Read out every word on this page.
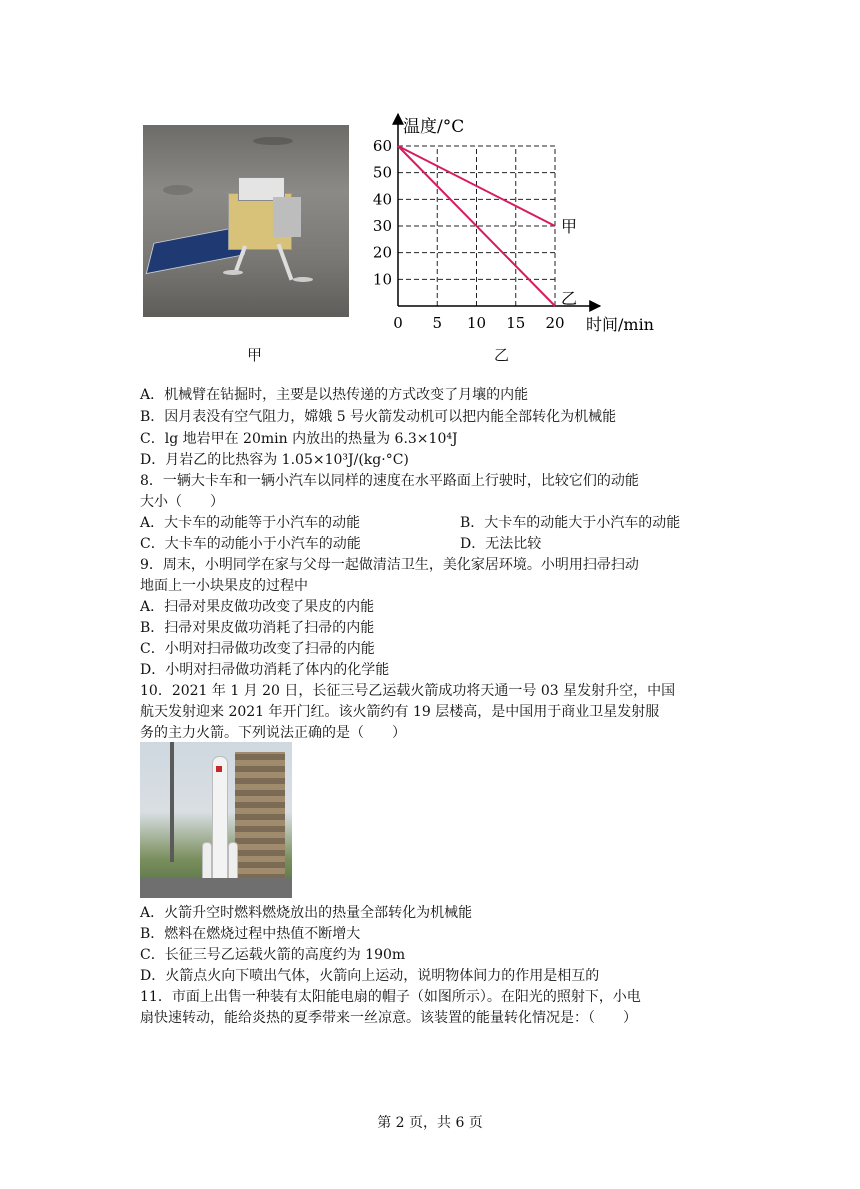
甲
温度/°C
时间/min
10
20
30
40
50
60
0 5 10 15 20
甲
乙
乙
A．机械臂在钻掘时，主要是以热传递的方式改变了月壤的内能
B．因月表没有空气阻力，嫦娥 5 号火箭发动机可以把内能全部转化为机械能
C．lg 地岩甲在 20min 内放出的热量为 6.3×10⁴J
D．月岩乙的比热容为 1.05×10³J/(kg·°C)
8．一辆大卡车和一辆小汽车以同样的速度在水平路面上行驶时，比较它们的动能
大小（　　）
A．大卡车的动能等于小汽车的动能	B．大卡车的动能大于小汽车的动能
C．大卡车的动能小于小汽车的动能	D．无法比较
9．周末，小明同学在家与父母一起做清洁卫生，美化家居环境。小明用扫帚扫动
地面上一小块果皮的过程中
A．扫帚对果皮做功改变了果皮的内能
B．扫帚对果皮做功消耗了扫帚的内能
C．小明对扫帚做功改变了扫帚的内能
D．小明对扫帚做功消耗了体内的化学能
10．2021 年 1 月 20 日，长征三号乙运载火箭成功将天通一号 03 星发射升空，中国
航天发射迎来 2021 年开门红。该火箭约有 19 层楼高，是中国用于商业卫星发射服
务的主力火箭。下列说法正确的是（　　）
A．火箭升空时燃料燃烧放出的热量全部转化为机械能
B．燃料在燃烧过程中热值不断增大
C．长征三号乙运载火箭的高度约为 190m
D．火箭点火向下喷出气体，火箭向上运动，说明物体间力的作用是相互的
11．市面上出售一种装有太阳能电扇的帽子（如图所示）。在阳光的照射下，小电
扇快速转动，能给炎热的夏季带来一丝凉意。该装置的能量转化情况是：（　　）
第 2 页，共 6 页
